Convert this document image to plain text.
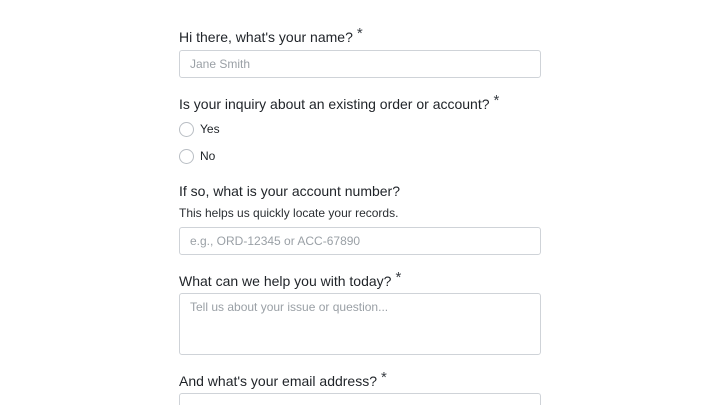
Hi there, what's your name? *
Jane Smith
Is your inquiry about an existing order or account? *
Yes
No
If so, what is your account number?
This helps us quickly locate your records.
e.g., ORD-12345 or ACC-67890
What can we help you with today? *
Tell us about your issue or question...
And what's your email address? *
